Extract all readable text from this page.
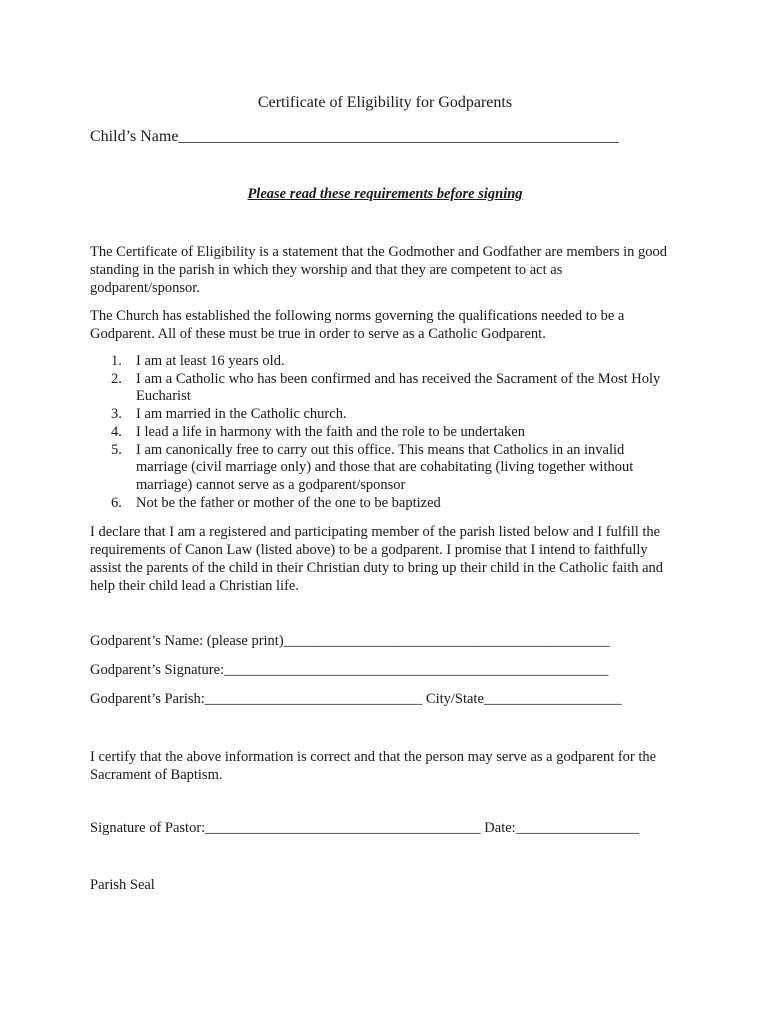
Certificate of Eligibility for Godparents
Child’s Name_______________________________________________________
Please read these requirements before signing
The Certificate of Eligibility is a statement that the Godmother and Godfather are members in good standing in the parish in which they worship and that they are competent to act as godparent/sponsor.
The Church has established the following norms governing the qualifications needed to be a Godparent. All of these must be true in order to serve as a Catholic Godparent.
1. I am at least 16 years old.
2. I am a Catholic who has been confirmed and has received the Sacrament of the Most Holy Eucharist
3. I am married in the Catholic church.
4. I lead a life in harmony with the faith and the role to be undertaken
5. I am canonically free to carry out this office. This means that Catholics in an invalid marriage (civil marriage only) and those that are cohabitating (living together without marriage) cannot serve as a godparent/sponsor
6. Not be the father or mother of the one to be baptized
I declare that I am a registered and participating member of the parish listed below and I fulfill the requirements of Canon Law (listed above) to be a godparent. I promise that I intend to faithfully assist the parents of the child in their Christian duty to bring up their child in the Catholic faith and help their child lead a Christian life.
Godparent’s Name: (please print)_____________________________________________
Godparent’s Signature:_____________________________________________________
Godparent’s Parish:______________________________ City/State___________________
I certify that the above information is correct and that the person may serve as a godparent for the Sacrament of Baptism.
Signature of Pastor:______________________________________ Date:_________________
Parish Seal
